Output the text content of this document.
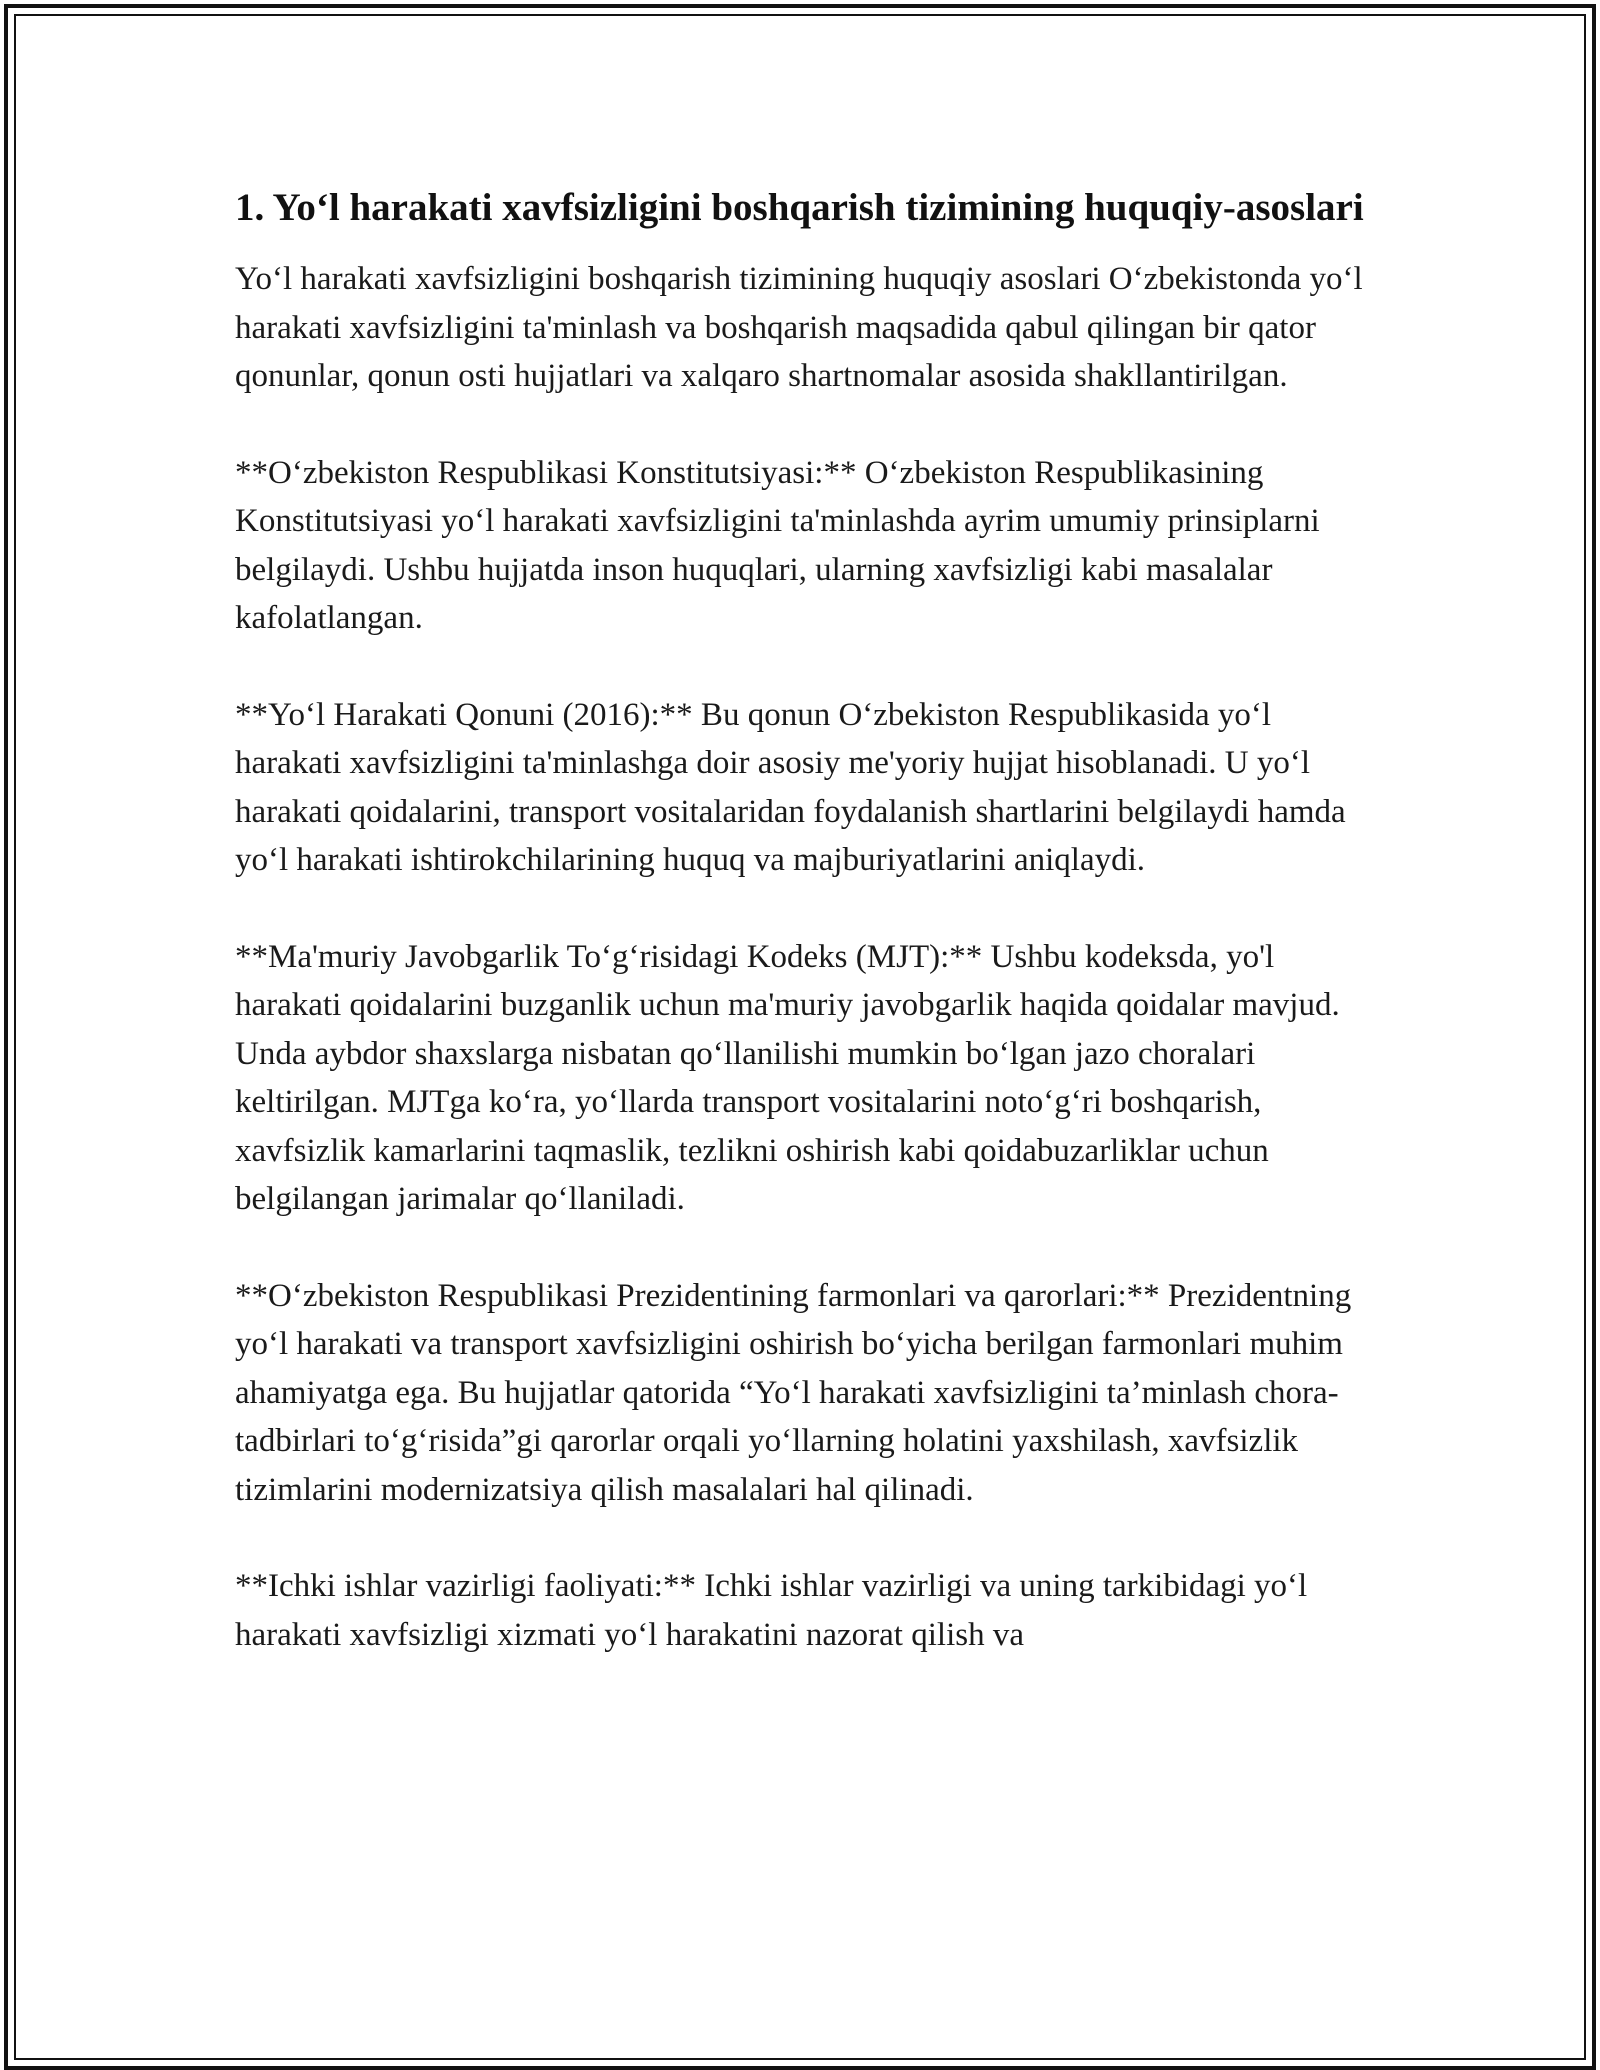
1. Yo‘l harakati xavfsizligini boshqarish tizimining huquqiy-asoslari

Yo‘l harakati xavfsizligini boshqarish tizimining huquqiy asoslari O‘zbekistonda yo‘l harakati xavfsizligini ta'minlash va boshqarish maqsadida qabul qilingan bir qator qonunlar, qonun osti hujjatlari va xalqaro shartnomalar asosida shakllantirilgan.

**O‘zbekiston Respublikasi Konstitutsiyasi:** O‘zbekiston Respublikasining Konstitutsiyasi yo‘l harakati xavfsizligini ta'minlashda ayrim umumiy prinsiplarni belgilaydi. Ushbu hujjatda inson huquqlari, ularning xavfsizligi kabi masalalar kafolatlangan.

**Yo‘l Harakati Qonuni (2016):** Bu qonun O‘zbekiston Respublikasida yo‘l harakati xavfsizligini ta'minlashga doir asosiy me'yoriy hujjat hisoblanadi. U yo‘l harakati qoidalarini, transport vositalaridan foydalanish shartlarini belgilaydi hamda yo‘l harakati ishtirokchilarining huquq va majburiyatlarini aniqlaydi.

**Ma'muriy Javobgarlik To‘g‘risidagi Kodeks (MJT):** Ushbu kodeksda, yo'l harakati qoidalarini buzganlik uchun ma'muriy javobgarlik haqida qoidalar mavjud. Unda aybdor shaxslarga nisbatan qo‘llanilishi mumkin bo‘lgan jazo choralari keltirilgan. MJTga ko‘ra, yo‘llarda transport vositalarini noto‘g‘ri boshqarish, xavfsizlik kamarlarini taqmaslik, tezlikni oshirish kabi qoidabuzarliklar uchun belgilangan jarimalar qo‘llaniladi.

**O‘zbekiston Respublikasi Prezidentining farmonlari va qarorlari:** Prezidentning yo‘l harakati va transport xavfsizligini oshirish bo‘yicha berilgan farmonlari muhim ahamiyatga ega. Bu hujjatlar qatorida “Yo‘l harakati xavfsizligini ta’minlash chora-tadbirlari to‘g‘risida”gi qarorlar orqali yo‘llarning holatini yaxshilash, xavfsizlik tizimlarini modernizatsiya qilish masalalari hal qilinadi.

**Ichki ishlar vazirligi faoliyati:** Ichki ishlar vazirligi va uning tarkibidagi yo‘l harakati xavfsizligi xizmati yo‘l harakatini nazorat qilish va
